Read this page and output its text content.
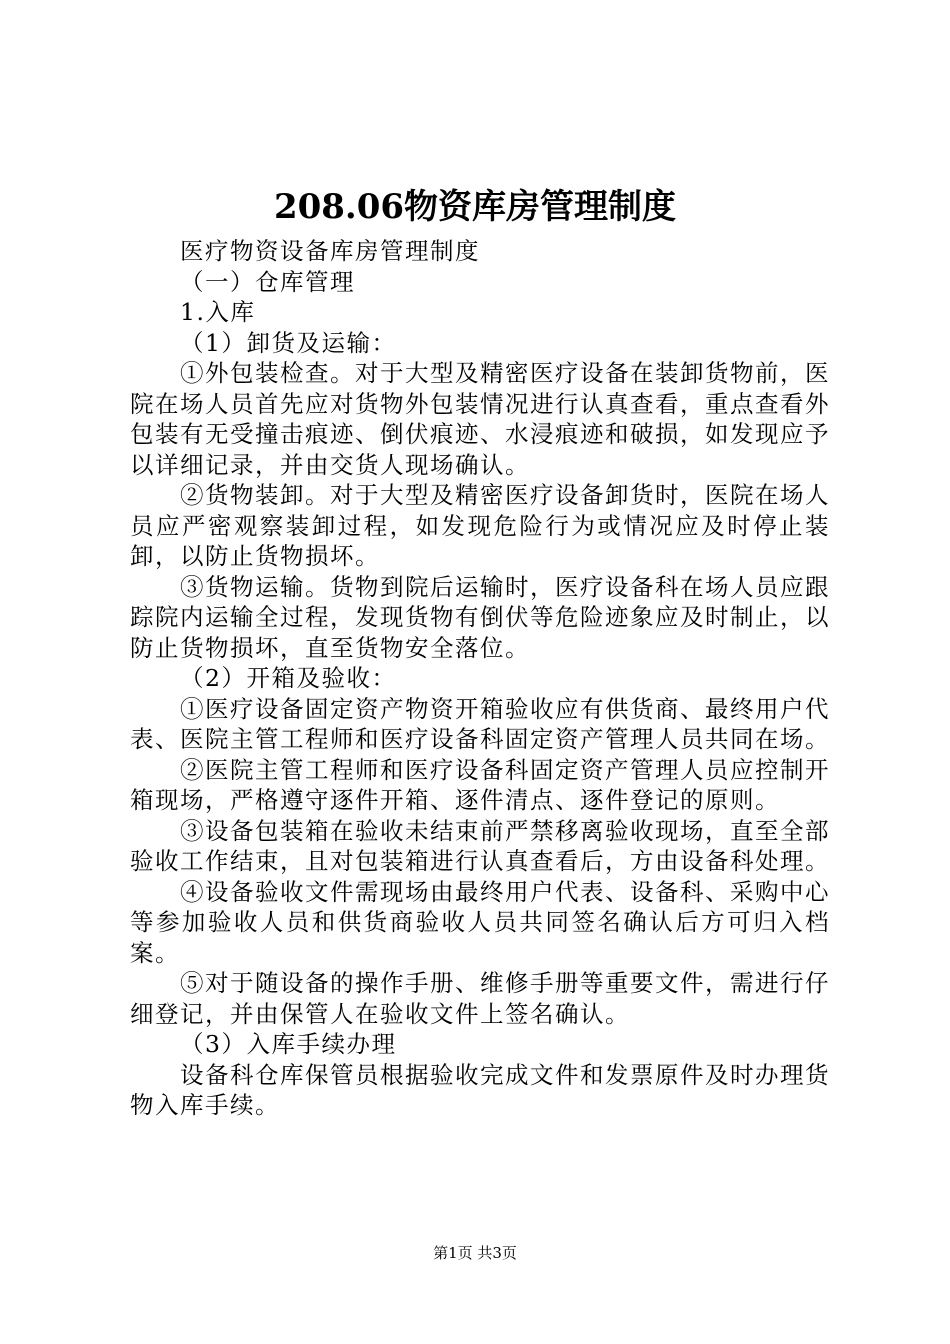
208.06物资库房管理制度

医疗物资设备库房管理制度

（一）仓库管理

1.入库

（1）卸货及运输：

①外包装检查。对于大型及精密医疗设备在装卸货物前，医院在场人员首先应对货物外包装情况进行认真查看，重点查看外包装有无受撞击痕迹、倒伏痕迹、水浸痕迹和破损，如发现应予以详细记录，并由交货人现场确认。

②货物装卸。对于大型及精密医疗设备卸货时，医院在场人员应严密观察装卸过程，如发现危险行为或情况应及时停止装卸，以防止货物损坏。

③货物运输。货物到院后运输时，医疗设备科在场人员应跟踪院内运输全过程，发现货物有倒伏等危险迹象应及时制止，以防止货物损坏，直至货物安全落位。

（2）开箱及验收：

①医疗设备固定资产物资开箱验收应有供货商、最终用户代表、医院主管工程师和医疗设备科固定资产管理人员共同在场。

②医院主管工程师和医疗设备科固定资产管理人员应控制开箱现场，严格遵守逐件开箱、逐件清点、逐件登记的原则。

③设备包装箱在验收未结束前严禁移离验收现场，直至全部验收工作结束，且对包装箱进行认真查看后，方由设备科处理。

④设备验收文件需现场由最终用户代表、设备科、采购中心等参加验收人员和供货商验收人员共同签名确认后方可归入档案。

⑤对于随设备的操作手册、维修手册等重要文件，需进行仔细登记，并由保管人在验收文件上签名确认。

（3）入库手续办理

设备科仓库保管员根据验收完成文件和发票原件及时办理货物入库手续。

第1页 共3页
